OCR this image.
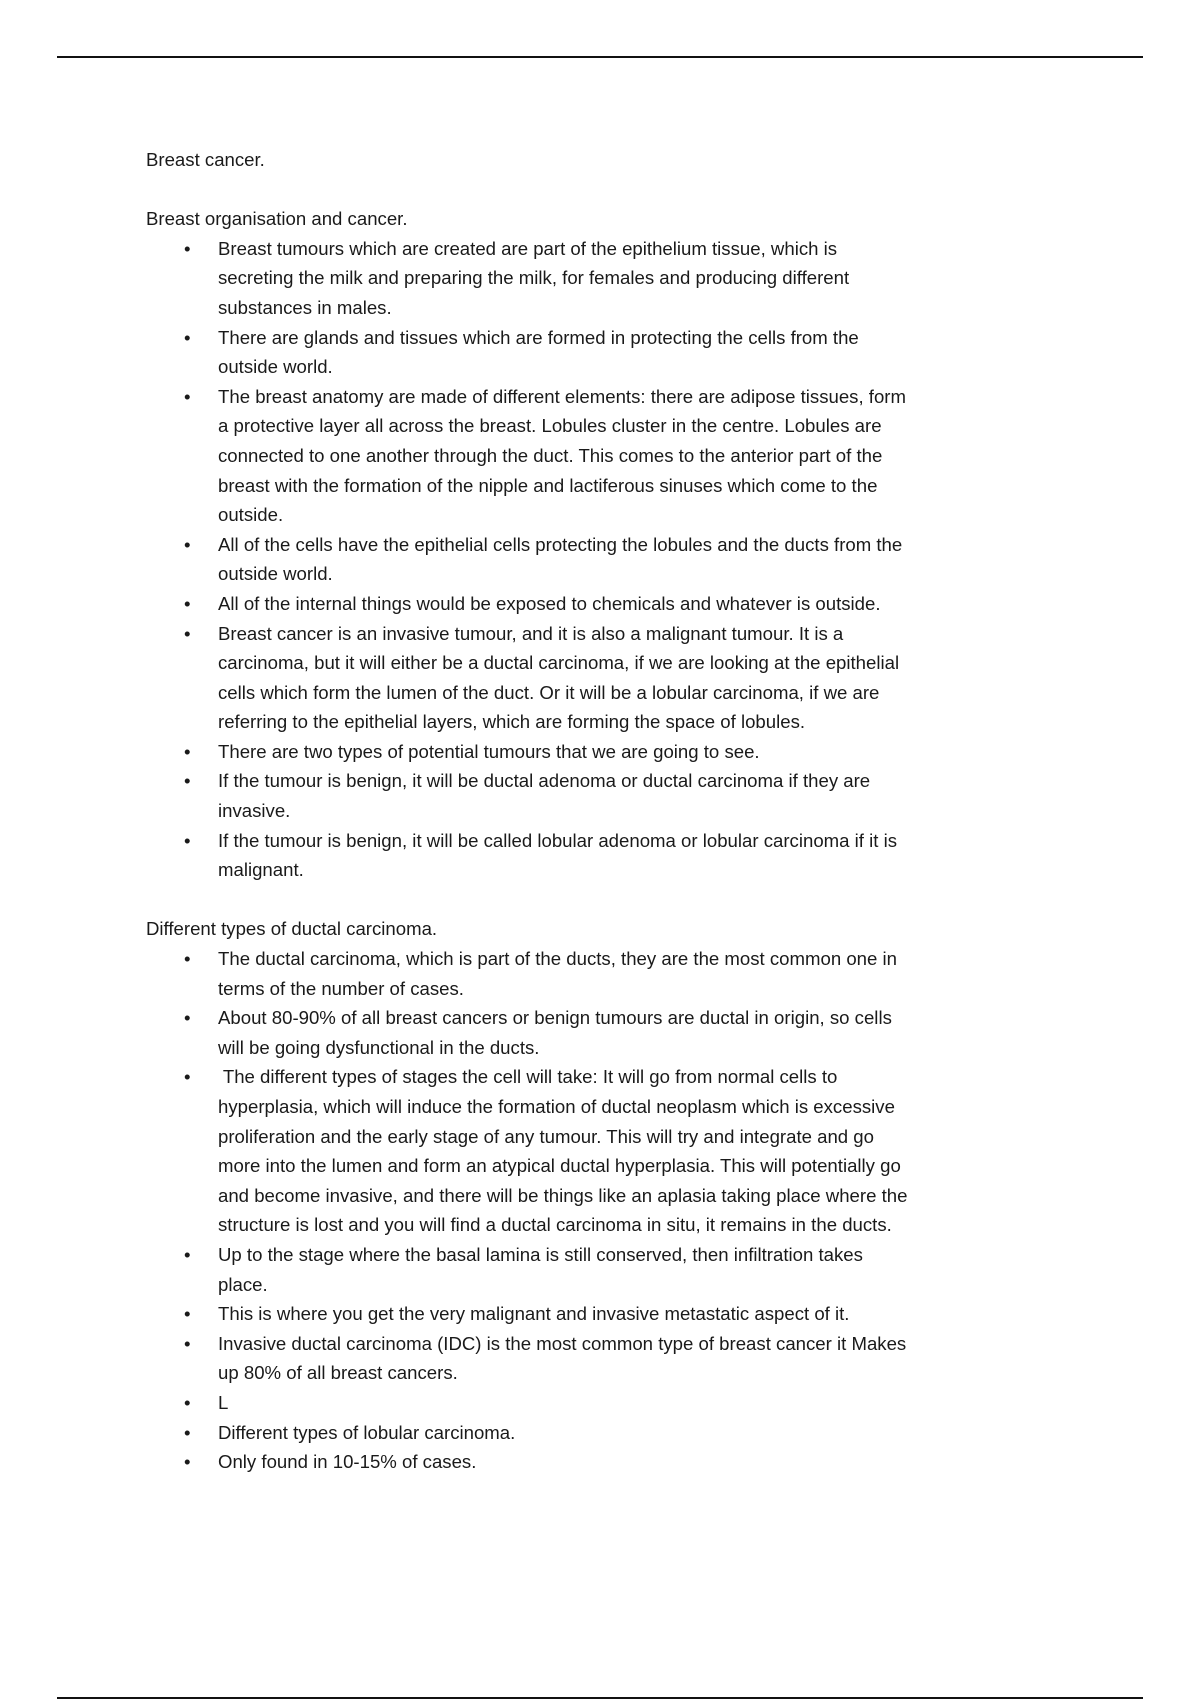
Breast cancer.
Breast organisation and cancer.
• Breast tumours which are created are part of the epithelium tissue, which is
secreting the milk and preparing the milk, for females and producing different
substances in males.
• There are glands and tissues which are formed in protecting the cells from the
outside world.
• The breast anatomy are made of different elements: there are adipose tissues, form
a protective layer all across the breast. Lobules cluster in the centre. Lobules are
connected to one another through the duct. This comes to the anterior part of the
breast with the formation of the nipple and lactiferous sinuses which come to the
outside.
• All of the cells have the epithelial cells protecting the lobules and the ducts from the
outside world.
• All of the internal things would be exposed to chemicals and whatever is outside.
• Breast cancer is an invasive tumour, and it is also a malignant tumour. It is a
carcinoma, but it will either be a ductal carcinoma, if we are looking at the epithelial
cells which form the lumen of the duct. Or it will be a lobular carcinoma, if we are
referring to the epithelial layers, which are forming the space of lobules.
• There are two types of potential tumours that we are going to see.
• If the tumour is benign, it will be ductal adenoma or ductal carcinoma if they are
invasive.
• If the tumour is benign, it will be called lobular adenoma or lobular carcinoma if it is
malignant.
Different types of ductal carcinoma.
• The ductal carcinoma, which is part of the ducts, they are the most common one in
terms of the number of cases.
• About 80-90% of all breast cancers or benign tumours are ductal in origin, so cells
will be going dysfunctional in the ducts.
• The different types of stages the cell will take: It will go from normal cells to
hyperplasia, which will induce the formation of ductal neoplasm which is excessive
proliferation and the early stage of any tumour. This will try and integrate and go
more into the lumen and form an atypical ductal hyperplasia. This will potentially go
and become invasive, and there will be things like an aplasia taking place where the
structure is lost and you will find a ductal carcinoma in situ, it remains in the ducts.
• Up to the stage where the basal lamina is still conserved, then infiltration takes
place.
• This is where you get the very malignant and invasive metastatic aspect of it.
• Invasive ductal carcinoma (IDC) is the most common type of breast cancer it Makes
up 80% of all breast cancers.
• L
• Different types of lobular carcinoma.
• Only found in 10-15% of cases.
